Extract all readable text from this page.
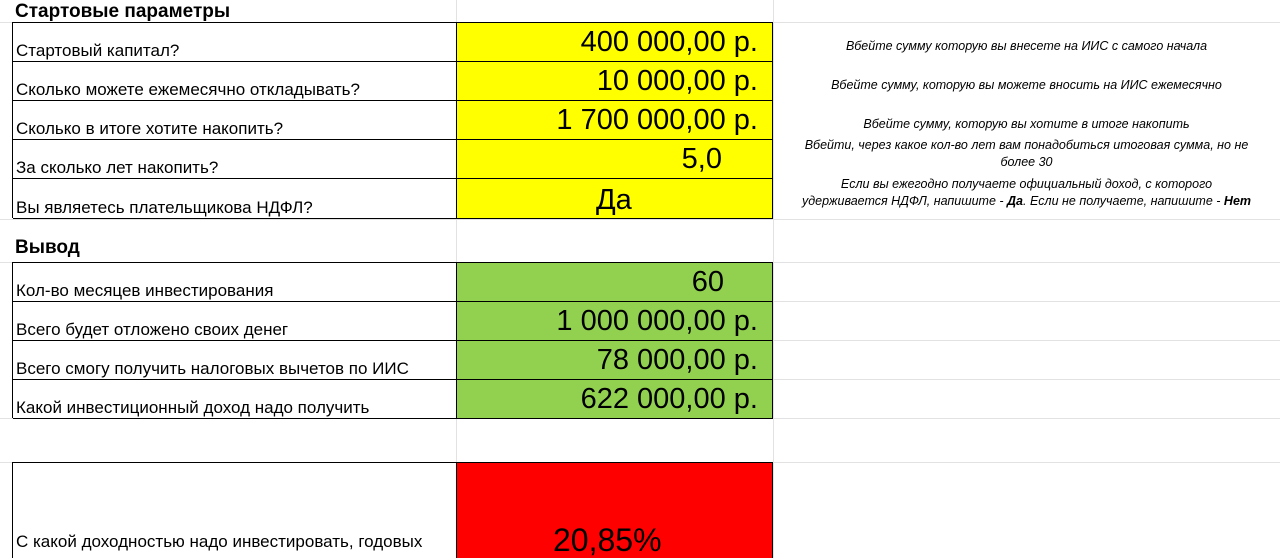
Стартовые параметры
Стартовый капитал?	400 000,00 р.	Вбейте сумму которую вы внесете на ИИС с самого начала
Сколько можете ежемесячно откладывать?	10 000,00 р.	Вбейте сумму, которую вы можете вносить на ИИС ежемесячно
Сколько в итоге хотите накопить?	1 700 000,00 р.	Вбейте сумму, которую вы хотите в итоге накопить
За сколько лет накопить?	5,0	Вбейти, через какое кол-во лет вам понадобиться итоговая сумма, но не
более 30
Вы являетесь плательщикова НДФЛ?	Да	Если вы ежегодно получаете официальный доход, с которого
удерживается НДФЛ, напишите - Да. Если не получаете, напишите - Нет
Вывод
Кол-во месяцев инвестирования	60
Всего будет отложено своих денег	1 000 000,00 р.
Всего смогу получить налоговых вычетов по ИИС	78 000,00 р.
Какой инвестиционный доход надо получить	622 000,00 р.
С какой доходностью надо инвестировать, годовых	20,85%
